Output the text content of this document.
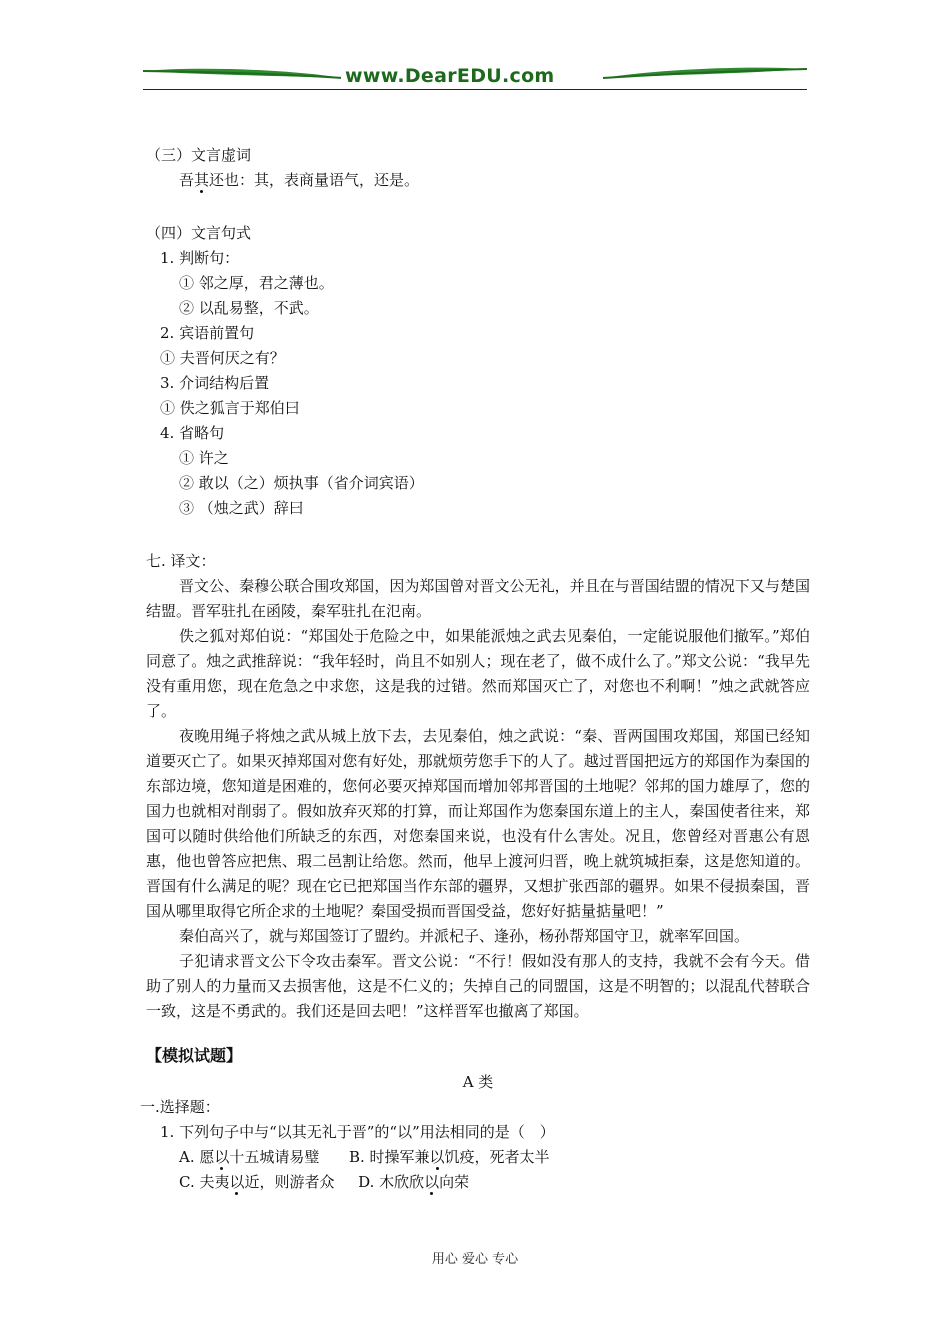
www.DearEDU.com
（三）文言虚词
吾其还也：其，表商量语气，还是。
（四）文言句式
1. 判断句：
① 邻之厚，君之薄也。
② 以乱易整，不武。
2. 宾语前置句
① 夫晋何厌之有？
3. 介词结构后置
① 佚之狐言于郑伯曰
4. 省略句
① 许之
② 敢以（之）烦执事（省介词宾语）
③ （烛之武）辞曰
七. 译文：

晋文公、秦穆公联合围攻郑国，因为郑国曾对晋文公无礼，并且在与晋国结盟的情况下又与楚国结盟。晋军驻扎在函陵，秦军驻扎在氾南。

佚之狐对郑伯说：“郑国处于危险之中，如果能派烛之武去见秦伯，一定能说服他们撤军。”郑伯同意了。烛之武推辞说：“我年轻时，尚且不如别人；现在老了，做不成什么了。”郑文公说：“我早先没有重用您，现在危急之中求您，这是我的过错。然而郑国灭亡了，对您也不利啊！”烛之武就答应了。

夜晚用绳子将烛之武从城上放下去，去见秦伯，烛之武说：“秦、晋两国围攻郑国，郑国已经知道要灭亡了。如果灭掉郑国对您有好处，那就烦劳您手下的人了。越过晋国把远方的郑国作为秦国的东部边境，您知道是困难的，您何必要灭掉郑国而增加邻邦晋国的土地呢？邻邦的国力雄厚了，您的国力也就相对削弱了。假如放弃灭郑的打算，而让郑国作为您秦国东道上的主人，秦国使者往来，郑国可以随时供给他们所缺乏的东西，对您秦国来说，也没有什么害处。况且，您曾经对晋惠公有恩惠，他也曾答应把焦、瑕二邑割让给您。然而，他早上渡河归晋，晚上就筑城拒秦，这是您知道的。晋国有什么满足的呢？现在它已把郑国当作东部的疆界，又想扩张西部的疆界。如果不侵损秦国，晋国从哪里取得它所企求的土地呢？秦国受损而晋国受益，您好好掂量掂量吧！”

秦伯高兴了，就与郑国签订了盟约。并派杞子、逢孙，杨孙帮郑国守卫，就率军回国。

子犯请求晋文公下令攻击秦军。晋文公说：“不行！假如没有那人的支持，我就不会有今天。借助了别人的力量而又去损害他，这是不仁义的；失掉自己的同盟国，这是不明智的；以混乱代替联合一致，这是不勇武的。我们还是回去吧！”这样晋军也撤离了郑国。

【模拟试题】
A 类
一.选择题：
1. 下列句子中与“以其无礼于晋”的“以”用法相同的是（　）
A. 愿以十五城请易璧 B. 时操军兼以饥疫，死者太半
C. 夫夷以近，则游者众 D. 木欣欣以向荣
用心 爱心 专心
